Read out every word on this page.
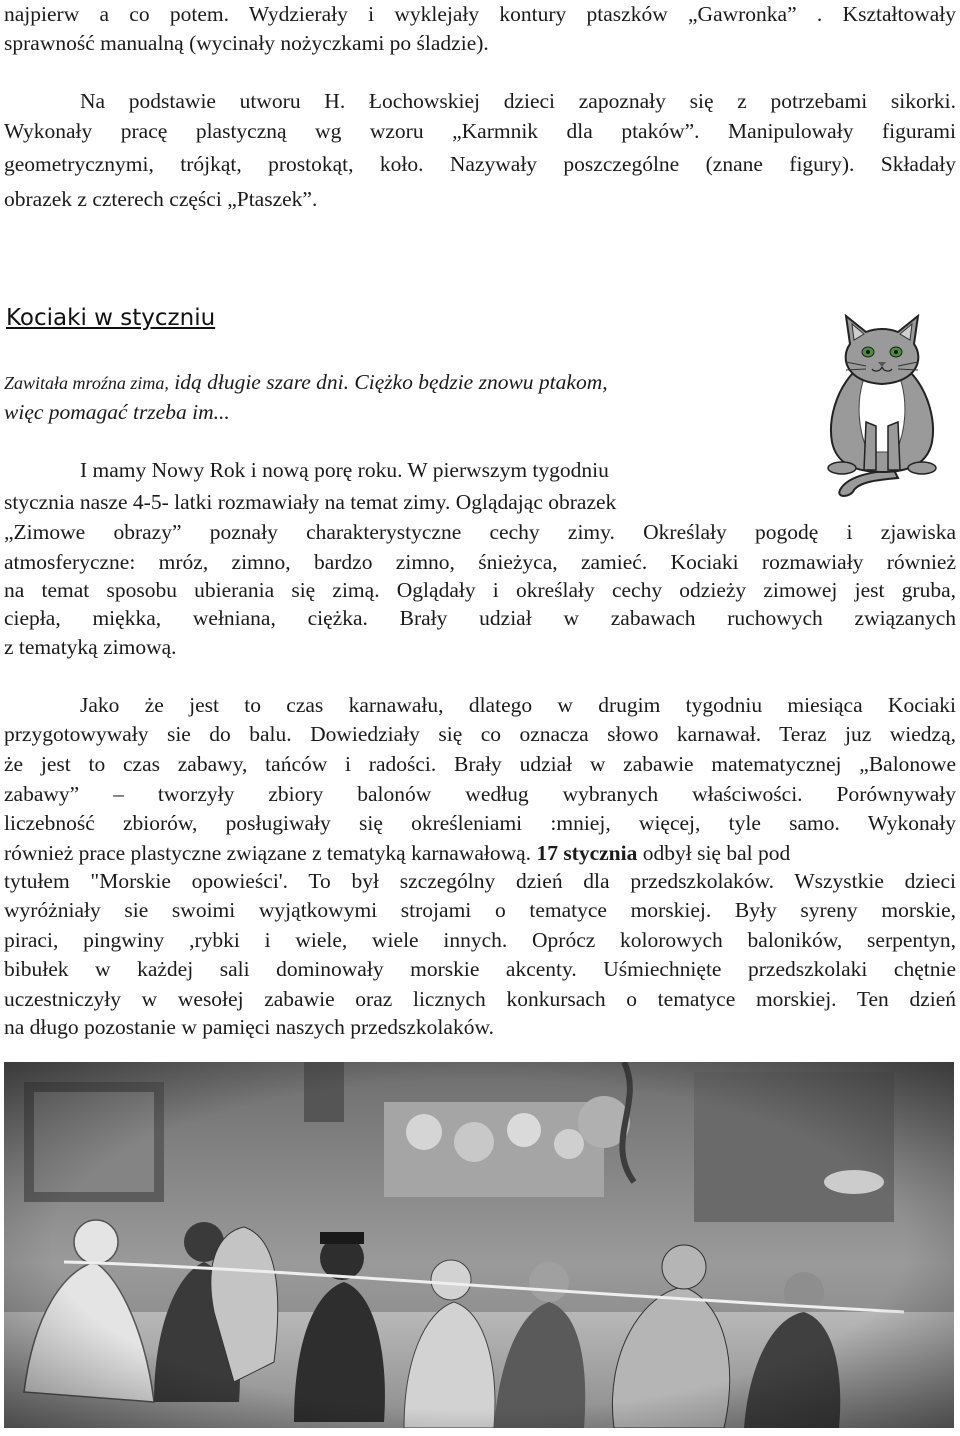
najpierw a co potem. Wydzierały i wyklejały kontury ptaszków „Gawronka” . Kształtowały

sprawność manualną (wycinały nożyczkami po śladzie).

Na podstawie utworu H. Łochowskiej dzieci zapoznały się z potrzebami sikorki.

Wykonały pracę plastyczną wg wzoru „Karmnik dla ptaków”. Manipulowały figurami

geometrycznymi, trójkąt, prostokąt, koło. Nazywały poszczególne (znane figury). Składały

obrazek z czterech części „Ptaszek”.

Kociaki w styczniu

Zawitała mroźna zima, idą długie szare dni. Ciężko będzie znowu ptakom,

więc pomagać trzeba im...

I mamy Nowy Rok i nową porę roku. W pierwszym tygodniu

stycznia nasze 4-5- latki rozmawiały na temat zimy. Oglądając obrazek

„Zimowe obrazy” poznały charakterystyczne cechy zimy. Określały pogodę i zjawiska

atmosferyczne: mróz, zimno, bardzo zimno, śnieżyca, zamieć. Kociaki rozmawiały również

na temat sposobu ubierania się zimą. Oglądały i określały cechy odzieży zimowej jest gruba,

ciepła, miękka, wełniana, ciężka. Brały udział w zabawach ruchowych związanych

z tematyką zimową.

Jako że jest to czas karnawału, dlatego w drugim tygodniu miesiąca Kociaki

przygotowywały sie do balu. Dowiedziały się co oznacza słowo karnawał. Teraz juz wiedzą,

że jest to czas zabawy, tańców i radości. Brały udział w zabawie matematycznej „Balonowe

zabawy” – tworzyły zbiory balonów według wybranych właściwości. Porównywały

liczebność zbiorów, posługiwały się określeniami :mniej, więcej, tyle samo. Wykonały

również prace plastyczne związane z tematyką karnawałową. 17 stycznia odbył się bal pod

tytułem "Morskie opowieści'. To był szczególny dzień dla przedszkolaków. Wszystkie dzieci

wyróżniały sie swoimi wyjątkowymi strojami o tematyce morskiej. Były syreny morskie,

piraci, pingwiny ,rybki i wiele, wiele innych. Oprócz kolorowych baloników, serpentyn,

bibułek w każdej sali dominowały morskie akcenty. Uśmiechnięte przedszkolaki chętnie

uczestniczyły w wesołej zabawie oraz licznych konkursach o tematyce morskiej. Ten dzień

na długo pozostanie w pamięci naszych przedszkolaków.
